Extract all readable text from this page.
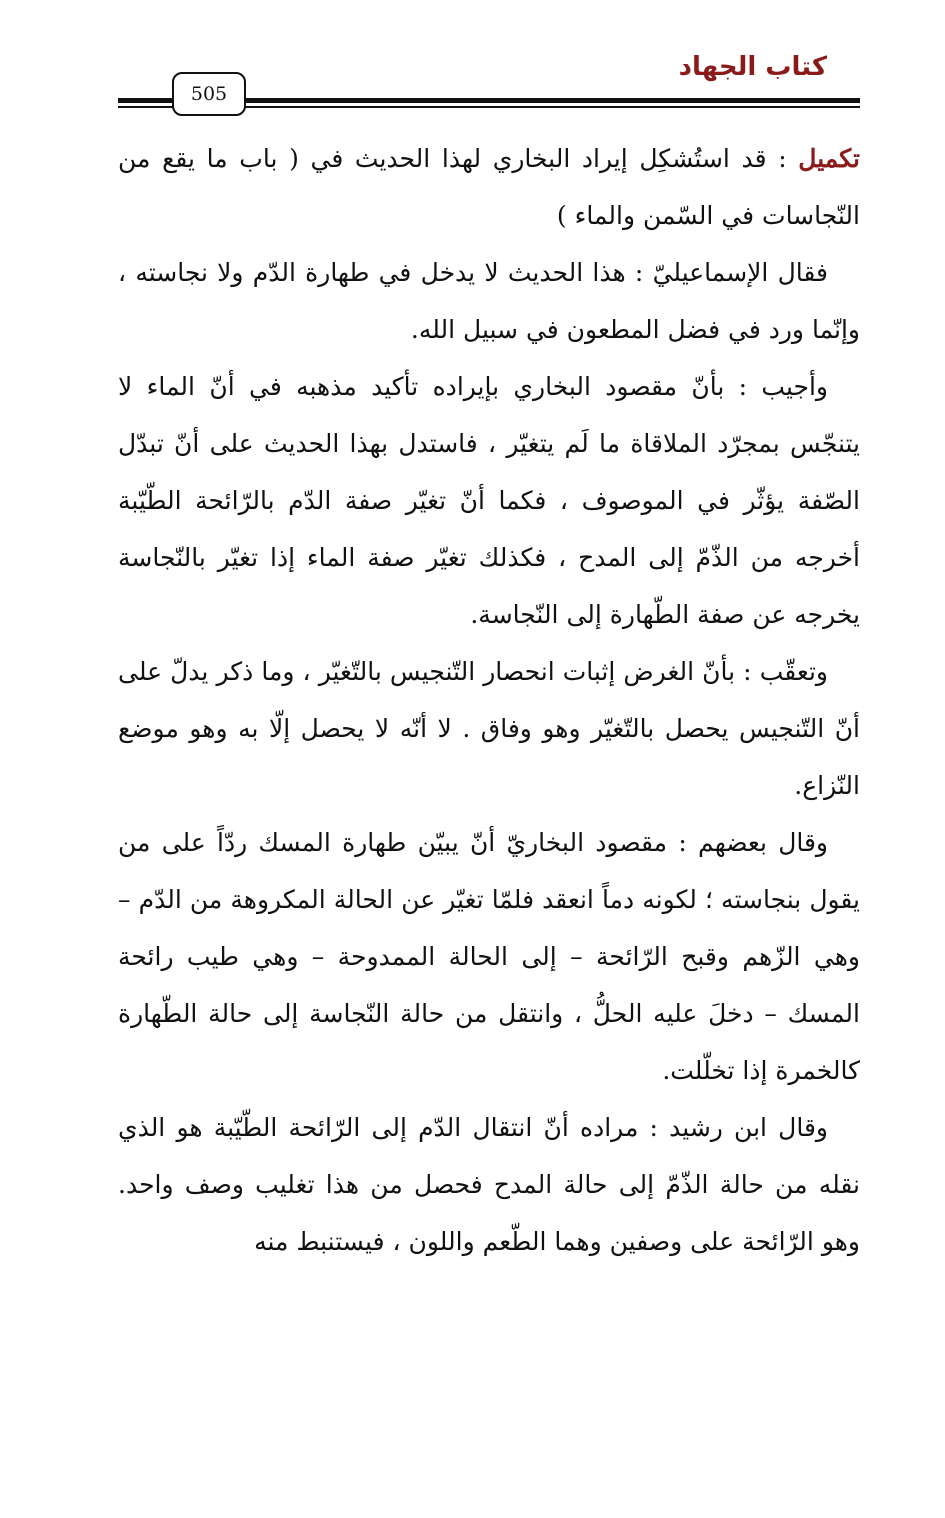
كتاب الجهاد
505

تكميل : قد استُشكِل إيراد البخاري لهذا الحديث في ( باب ما يقع من النّجاسات في السّمن والماء )

فقال الإسماعيليّ : هذا الحديث لا يدخل في طهارة الدّم ولا نجاسته ، وإنّما ورد في فضل المطعون في سبيل الله.

وأجيب : بأنّ مقصود البخاري بإيراده تأكيد مذهبه في أنّ الماء لا يتنجّس بمجرّد الملاقاة ما لَم يتغيّر ، فاستدل بهذا الحديث على أنّ تبدّل الصّفة يؤثّر في الموصوف ، فكما أنّ تغيّر صفة الدّم بالرّائحة الطّيّبة أخرجه من الذّمّ إلى المدح ، فكذلك تغيّر صفة الماء إذا تغيّر بالنّجاسة يخرجه عن صفة الطّهارة إلى النّجاسة.

وتعقّب : بأنّ الغرض إثبات انحصار التّنجيس بالتّغيّر ، وما ذكر يدلّ على أنّ التّنجيس يحصل بالتّغيّر وهو وفاق . لا أنّه لا يحصل إلّا به وهو موضع النّزاع.

وقال بعضهم : مقصود البخاريّ أنّ يبيّن طهارة المسك ردّاً على من يقول بنجاسته ؛ لكونه دماً انعقد فلمّا تغيّر عن الحالة المكروهة من الدّم – وهي الزّهم وقبح الرّائحة – إلى الحالة الممدوحة – وهي طيب رائحة المسك – دخلَ عليه الحلُّ ، وانتقل من حالة النّجاسة إلى حالة الطّهارة كالخمرة إذا تخلّلت.

وقال ابن رشيد : مراده أنّ انتقال الدّم إلى الرّائحة الطّيّبة هو الذي نقله من حالة الذّمّ إلى حالة المدح فحصل من هذا تغليب وصف واحد. وهو الرّائحة على وصفين وهما الطّعم واللون ، فيستنبط منه
